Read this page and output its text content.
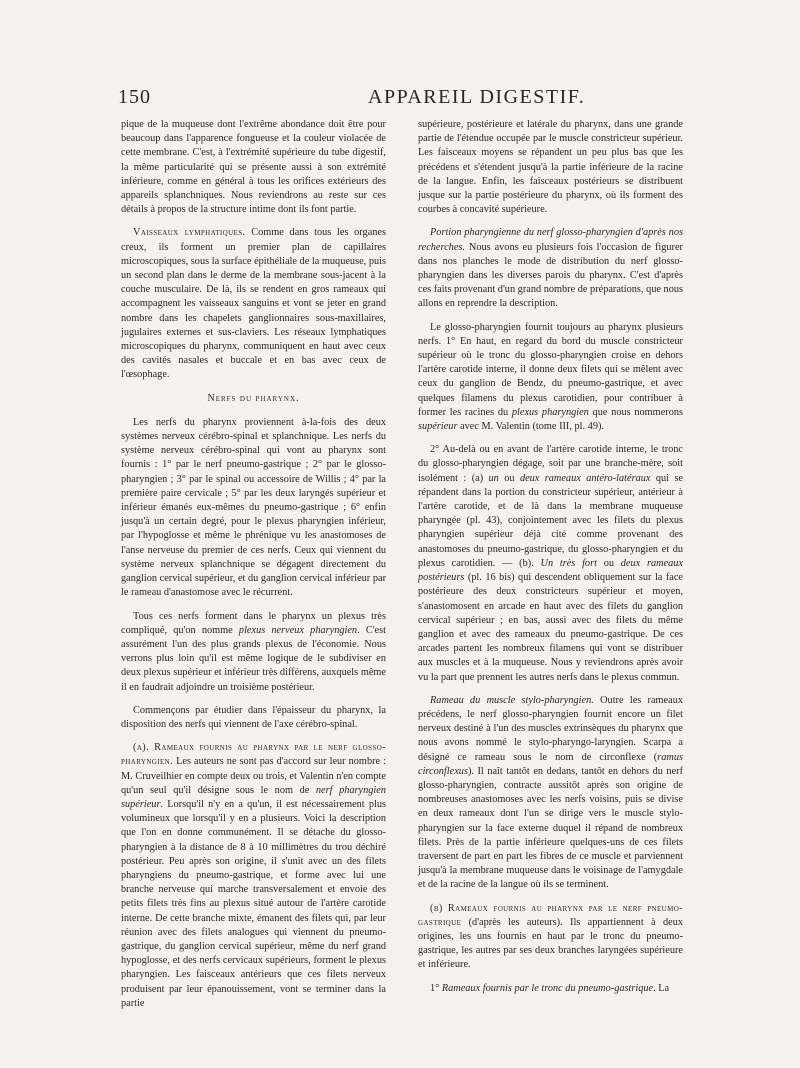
150	APPAREIL DIGESTIF.

pique de la muqueuse dont l'extrême abondance doit être pour beaucoup dans l'apparence fongueuse et la couleur violacée de cette membrane. C'est, à l'extrémité supérieure du tube digestif, la même particularité qui se présente aussi à son extrémité inférieure, comme en général à tous les orifices extérieurs des appareils splanchniques. Nous reviendrons au reste sur ces détails à propos de la structure intime dont ils font partie.

Vaisseaux lymphatiques. Comme dans tous les organes creux, ils forment un premier plan de capillaires microscopiques, sous la surface épithéliale de la muqueuse, puis un second plan dans le derme de la membrane sous-jacent à la couche musculaire. De là, ils se rendent en gros rameaux qui accompagnent les vaisseaux sanguins et vont se jeter en grand nombre dans les chapelets ganglionnaires sous-maxillaires, jugulaires externes et sus-claviers. Les réseaux lymphatiques microscopiques du pharynx, communiquent en haut avec ceux des cavités nasales et buccale et en bas avec ceux de l'œsophage.

Nerfs du pharynx.

Les nerfs du pharynx proviennent à-la-fois des deux systèmes nerveux cérébro-spinal et splanchnique. Les nerfs du système nerveux cérébro-spinal qui vont au pharynx sont fournis : 1° par le nerf pneumo-gastrique ; 2° par le glosso-pharyngien ; 3° par le spinal ou accessoire de Willis ; 4° par la première paire cervicale ; 5° par les deux laryngés supérieur et inférieur émanés eux-mêmes du pneumo-gastrique ; 6° enfin jusqu'à un certain degré, pour le plexus pharyngien inférieur, par l'hypoglosse et même le phrénique vu les anastomoses de l'anse nerveuse du premier de ces nerfs. Ceux qui viennent du système nerveux splanchnique se dégagent directement du ganglion cervical supérieur, et du ganglion cervical inférieur par le rameau d'anastomose avec le récurrent.

Tous ces nerfs forment dans le pharynx un plexus très compliqué, qu'on nomme plexus nerveux pharyngien. C'est assurément l'un des plus grands plexus de l'économie. Nous verrons plus loin qu'il est même logique de le subdiviser en deux plexus supérieur et inférieur très différens, auxquels même il en faudrait adjoindre un troisième postérieur.

Commençons par étudier dans l'épaisseur du pharynx, la disposition des nerfs qui viennent de l'axe cérébro-spinal.

(a). Rameaux fournis au pharynx par le nerf glosso-pharyngien. Les auteurs ne sont pas d'accord sur leur nombre : M. Cruveilhier en compte deux ou trois, et Valentin n'en compte qu'un seul qu'il désigne sous le nom de nerf pharyngien supérieur. Lorsqu'il n'y en a qu'un, il est nécessairement plus volumineux que lorsqu'il y en a plusieurs. Voici la description que l'on en donne communément. Il se détache du glosso-pharyngien à la distance de 8 à 10 millimètres du trou déchiré postérieur. Peu après son origine, il s'unit avec un des filets pharyngiens du pneumo-gastrique, et forme avec lui une branche nerveuse qui marche transversalement et envoie des petits filets très fins au plexus situé autour de l'artère carotide interne. De cette branche mixte, émanent des filets qui, par leur réunion avec des filets analogues qui viennent du pneumo-gastrique, du ganglion cervical supérieur, même du nerf grand hypoglosse, et des nerfs cervicaux supérieurs, forment le plexus pharyngien. Les faisceaux antérieurs que ces filets nerveux produisent par leur épanouissement, vont se terminer dans la partie

supérieure, postérieure et latérale du pharynx, dans une grande partie de l'étendue occupée par le muscle constricteur supérieur. Les faisceaux moyens se répandent un peu plus bas que les précédens et s'étendent jusqu'à la partie inférieure de la racine de la langue. Enfin, les faisceaux postérieurs se distribuent jusque sur la partie postérieure du pharynx, où ils forment des courbes à concavité supérieure.

Portion pharyngienne du nerf glosso-pharyngien d'après nos recherches. Nous avons eu plusieurs fois l'occasion de figurer dans nos planches le mode de distribution du nerf glosso-pharyngien dans les diverses parois du pharynx. C'est d'après ces faits provenant d'un grand nombre de préparations, que nous allons en reprendre la description.

Le glosso-pharyngien fournit toujours au pharynx plusieurs nerfs. 1° En haut, en regard du bord du muscle constricteur supérieur où le tronc du glosso-pharyngien croise en dehors l'artère carotide interne, il donne deux filets qui se mêlent avec ceux du ganglion de Bendz, du pneumo-gastrique, et avec quelques filamens du plexus carotidien, pour contribuer à former les racines du plexus pharyngien que nous nommerons supérieur avec M. Valentin (tome III, pl. 49).

2° Au-delà ou en avant de l'artère carotide interne, le tronc du glosso-pharyngien dégage, soit par une branche-mère, soit isolément : (a) un ou deux rameaux antéro-latéraux qui se répandent dans la portion du constricteur supérieur, antérieur à l'artère carotide, et de là dans la membrane muqueuse pharyngée (pl. 43), conjointement avec les filets du plexus pharyngien supérieur déjà cité comme provenant des anastomoses du pneumo-gastrique, du glosso-pharyngien et du plexus carotidien. — (b). Un très fort ou deux rameaux postérieurs (pl. 16 bis) qui descendent obliquement sur la face postérieure des deux constricteurs supérieur et moyen, s'anastomosent en arcade en haut avec des filets du ganglion cervical supérieur ; en bas, aussi avec des filets du même ganglion et avec des rameaux du pneumo-gastrique. De ces arcades partent les nombreux filamens qui vont se distribuer aux muscles et à la muqueuse. Nous y reviendrons après avoir vu la part que prennent les autres nerfs dans le plexus commun.

Rameau du muscle stylo-pharyngien. Outre les rameaux précédens, le nerf glosso-pharyngien fournit encore un filet nerveux destiné à l'un des muscles extrinsèques du pharynx que nous avons nommé le stylo-pharyngo-laryngien. Scarpa a désigné ce rameau sous le nom de circonflexe (ramus circonflexus). Il naît tantôt en dedans, tantôt en dehors du nerf glosso-pharyngien, contracte aussitôt après son origine de nombreuses anastomoses avec les nerfs voisins, puis se divise en deux rameaux dont l'un se dirige vers le muscle stylo-pharyngien sur la face externe duquel il répand de nombreux filets. Près de la partie inférieure quelques-uns de ces filets traversent de part en part les fibres de ce muscle et parviennent jusqu'à la membrane muqueuse dans le voisinage de l'amygdale et de la racine de la langue où ils se terminent.

(b) Rameaux fournis au pharynx par le nerf pneumo-gastrique (d'après les auteurs). Ils appartiennent à deux origines, les uns fournis en haut par le tronc du pneumo-gastrique, les autres par ses deux branches laryngées supérieure et inférieure.

1° Rameaux fournis par le tronc du pneumo-gastrique. La
